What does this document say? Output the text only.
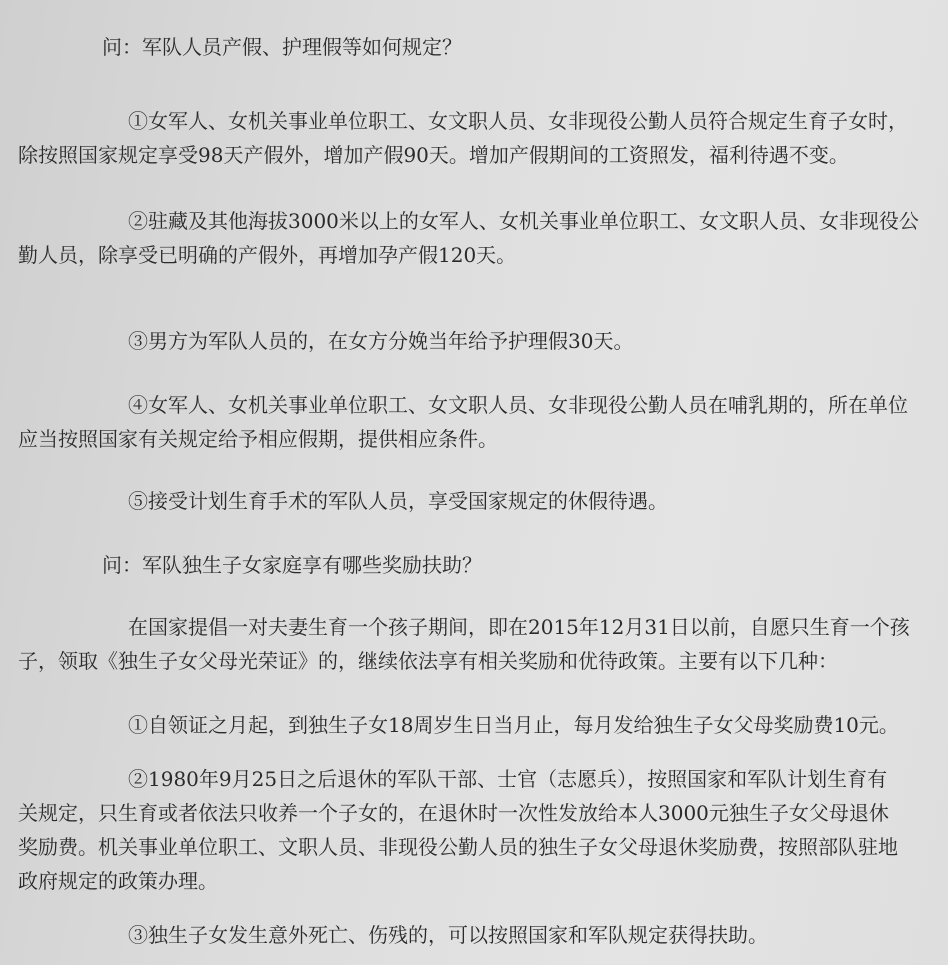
问：军队人员产假、护理假等如何规定？
①女军人、女机关事业单位职工、女文职人员、女非现役公勤人员符合规定生育子女时，
除按照国家规定享受98天产假外，增加产假90天。增加产假期间的工资照发，福利待遇不变。
②驻藏及其他海拔3000米以上的女军人、女机关事业单位职工、女文职人员、女非现役公
勤人员，除享受已明确的产假外，再增加孕产假120天。
③男方为军队人员的，在女方分娩当年给予护理假30天。
④女军人、女机关事业单位职工、女文职人员、女非现役公勤人员在哺乳期的，所在单位
应当按照国家有关规定给予相应假期，提供相应条件。
⑤接受计划生育手术的军队人员，享受国家规定的休假待遇。
问：军队独生子女家庭享有哪些奖励扶助？
在国家提倡一对夫妻生育一个孩子期间，即在2015年12月31日以前，自愿只生育一个孩
子，领取《独生子女父母光荣证》的，继续依法享有相关奖励和优待政策。主要有以下几种：
①自领证之月起，到独生子女18周岁生日当月止，每月发给独生子女父母奖励费10元。
②1980年9月25日之后退休的军队干部、士官（志愿兵），按照国家和军队计划生育有
关规定，只生育或者依法只收养一个子女的，在退休时一次性发放给本人3000元独生子女父母退休
奖励费。机关事业单位职工、文职人员、非现役公勤人员的独生子女父母退休奖励费，按照部队驻地
政府规定的政策办理。
③独生子女发生意外死亡、伤残的，可以按照国家和军队规定获得扶助。
